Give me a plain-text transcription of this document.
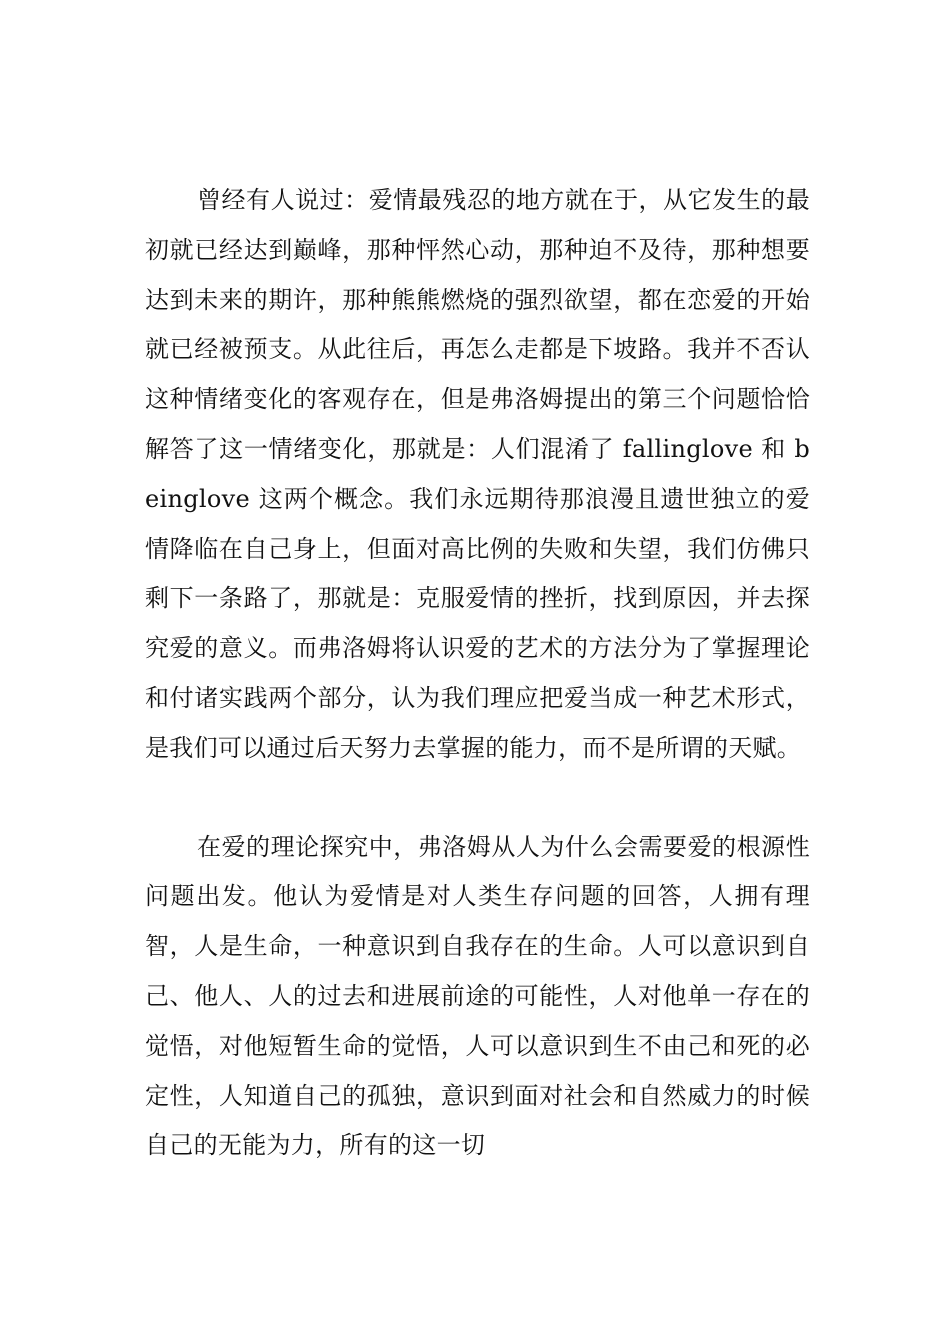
曾经有人说过：爱情最残忍的地方就在于，从它发生的最初就已经达到巅峰，那种怦然心动，那种迫不及待，那种想要达到未来的期许，那种熊熊燃烧的强烈欲望，都在恋爱的开始就已经被预支。从此往后，再怎么走都是下坡路。我并不否认这种情绪变化的客观存在，但是弗洛姆提出的第三个问题恰恰解答了这一情绪变化，那就是：人们混淆了 fallinglove 和 beinglove 这两个概念。我们永远期待那浪漫且遗世独立的爱情降临在自己身上，但面对高比例的失败和失望，我们仿佛只剩下一条路了，那就是：克服爱情的挫折，找到原因，并去探究爱的意义。而弗洛姆将认识爱的艺术的方法分为了掌握理论和付诸实践两个部分，认为我们理应把爱当成一种艺术形式，是我们可以通过后天努力去掌握的能力，而不是所谓的天赋。

在爱的理论探究中，弗洛姆从人为什么会需要爱的根源性问题出发。他认为爱情是对人类生存问题的回答，人拥有理智，人是生命，一种意识到自我存在的生命。人可以意识到自己、他人、人的过去和进展前途的可能性，人对他单一存在的觉悟，对他短暂生命的觉悟，人可以意识到生不由己和死的必定性，人知道自己的孤独，意识到面对社会和自然威力的时候自己的无能为力，所有的这一切
